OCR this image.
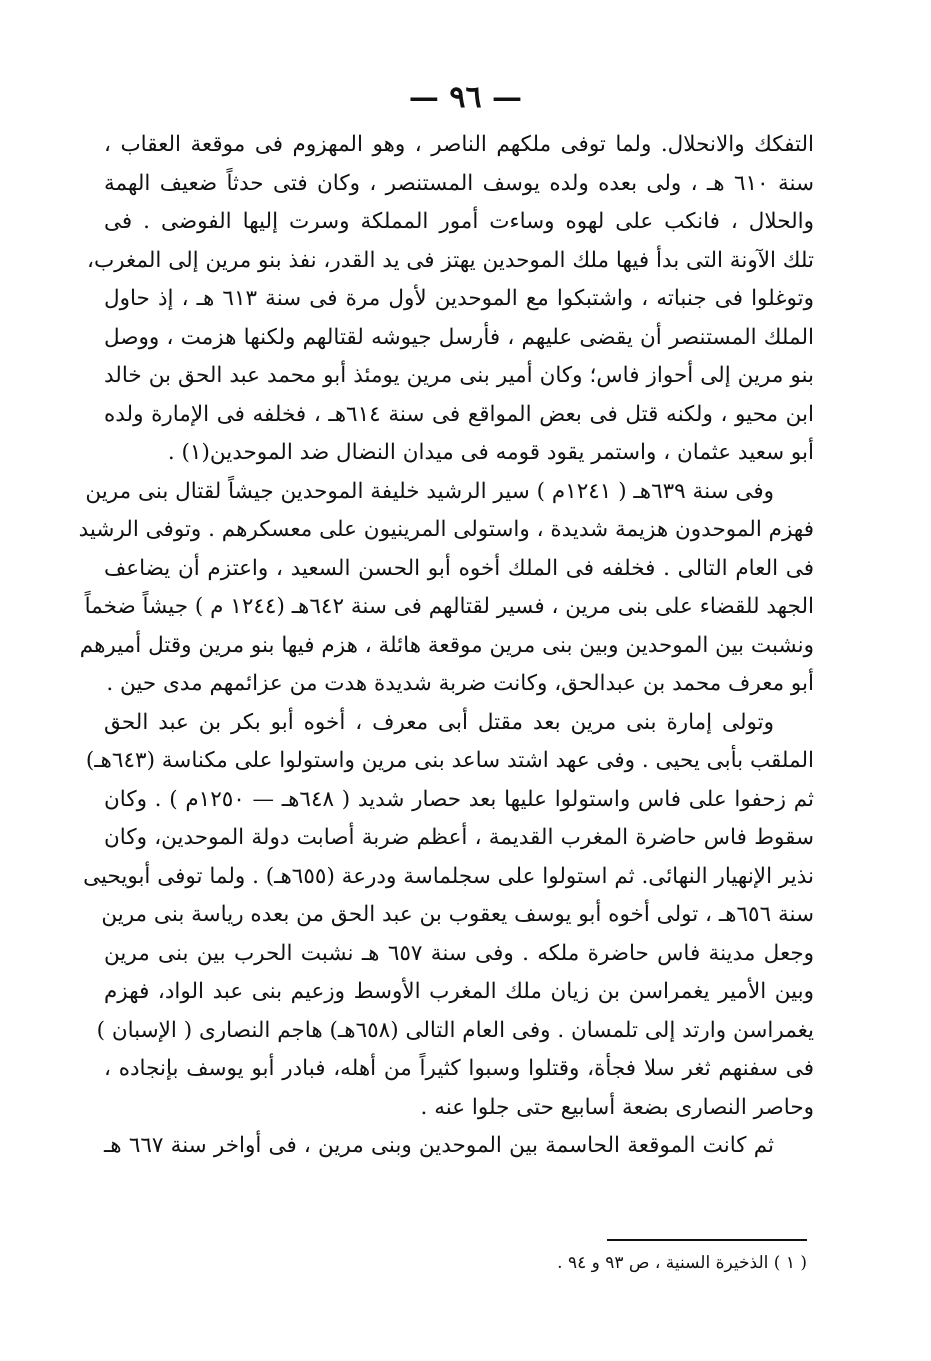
— ٩٦ —
التفكك والانحلال. ولما توفى ملكهم الناصر ، وهو المهزوم فى موقعة العقاب ،
سنة ٦١٠ هـ ، ولى بعده ولده يوسف المستنصر ، وكان فتى حدثاً ضعيف الهمة
والحلال ، فانكب على لهوه وساءت أمور المملكة وسرت إليها الفوضى . فى
تلك الآونة التى بدأ فيها ملك الموحدين يهتز فى يد القدر، نفذ بنو مرين إلى المغرب،
وتوغلوا فى جنباته ، واشتبكوا مع الموحدين لأول مرة فى سنة ٦١٣ هـ ، إذ حاول
الملك المستنصر أن يقضى عليهم ، فأرسل جيوشه لقتالهم ولكنها هزمت ، ووصل
بنو مرين إلى أحواز فاس؛ وكان أمير بنى مرين يومئذ أبو محمد عبد الحق بن خالد
ابن محيو ، ولكنه قتل فى بعض المواقع فى سنة ٦١٤هـ ، فخلفه فى الإمارة ولده
أبو سعيد عثمان ، واستمر يقود قومه فى ميدان النضال ضد الموحدين(١) .
وفى سنة ٦٣٩هـ ( ١٢٤١م ) سير الرشيد خليفة الموحدين جيشاً لقتال بنى مرين
فهزم الموحدون هزيمة شديدة ، واستولى المرينيون على معسكرهم . وتوفى الرشيد
فى العام التالى . فخلفه فى الملك أخوه أبو الحسن السعيد ، واعتزم أن يضاعف
الجهد للقضاء على بنى مرين ، فسير لقتالهم فى سنة ٦٤٢هـ (١٢٤٤ م ) جيشاً ضخماً
ونشبت بين الموحدين وبين بنى مرين موقعة هائلة ، هزم فيها بنو مرين وقتل أميرهم
أبو معرف محمد بن عبدالحق، وكانت ضربة شديدة هدت من عزائمهم مدى حين .
وتولى إمارة بنى مرين بعد مقتل أبى معرف ، أخوه أبو بكر بن عبد الحق
الملقب بأبى يحيى . وفى عهد اشتد ساعد بنى مرين واستولوا على مكناسة (٦٤٣هـ)
ثم زحفوا على فاس واستولوا عليها بعد حصار شديد ( ٦٤٨هـ — ١٢٥٠م ) . وكان
سقوط فاس حاضرة المغرب القديمة ، أعظم ضربة أصابت دولة الموحدين، وكان
نذير الإنهيار النهائى. ثم استولوا على سجلماسة ودرعة (٦٥٥هـ) . ولما توفى أبويحيى
سنة ٦٥٦هـ ، تولى أخوه أبو يوسف يعقوب بن عبد الحق من بعده رياسة بنى مرين
وجعل مدينة فاس حاضرة ملكه . وفى سنة ٦٥٧ هـ نشبت الحرب بين بنى مرين
وبين الأمير يغمراسن بن زيان ملك المغرب الأوسط وزعيم بنى عبد الواد، فهزم
يغمراسن وارتد إلى تلمسان . وفى العام التالى (٦٥٨هـ) هاجم النصارى ( الإسبان )
فى سفنهم ثغر سلا فجأة، وقتلوا وسبوا كثيراً من أهله، فبادر أبو يوسف بإنجاده ،
وحاصر النصارى بضعة أسابيع حتى جلوا عنه .
ثم كانت الموقعة الحاسمة بين الموحدين وبنى مرين ، فى أواخر سنة ٦٦٧ هـ
( ١ ) الذخيرة السنية ، ص ٩٣ و ٩٤ .
